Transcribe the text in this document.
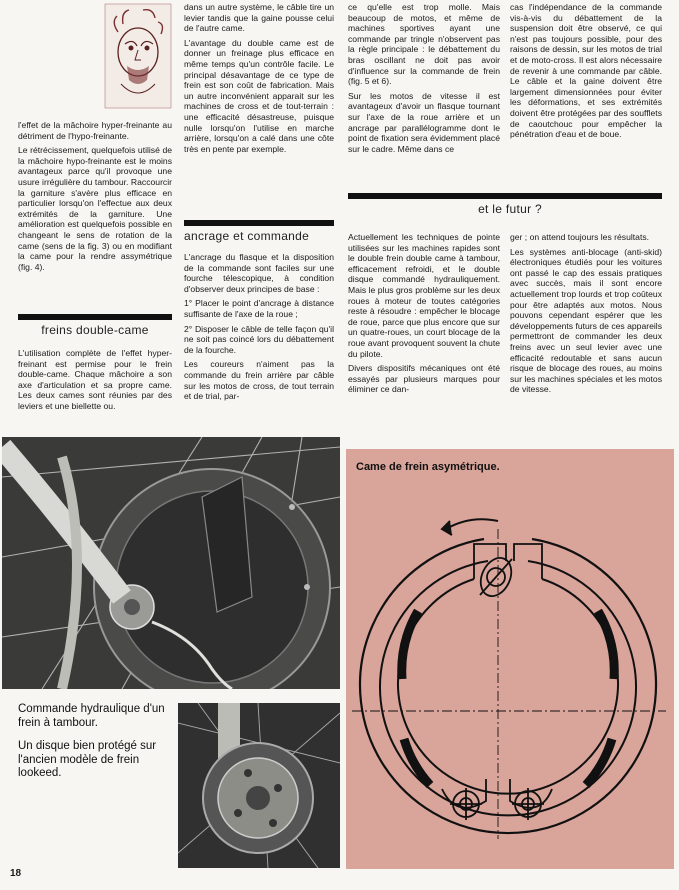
l'effet de la mâchoire hyper-freinante au détriment de l'hypo-freinante.

Le rétrécissement, quelquefois utilisé de la mâchoire hypo-freinante est le moins avantageux parce qu'il provoque une usure irrégulière du tambour. Raccourcir la garniture s'avère plus efficace en particulier lorsqu'on l'effectue aux deux extrémités de la garniture. Une amélioration est quelquefois possible en changeant le sens de rotation de la came (sens de la fig. 3) ou en modifiant la came pour la rendre assymétrique (fig. 4).

freins double-came

L'utilisation complète de l'effet hyper-freinant est permise pour le frein double-came. Chaque mâchoire a son axe d'articulation et sa propre came. Les deux cames sont réunies par des leviers et une biellette ou.

dans un autre système, le câble tire un levier tandis que la gaine pousse celui de l'autre came.

L'avantage du double came est de donner un freinage plus efficace en même temps qu'un contrôle facile. Le principal désavantage de ce type de frein est son coût de fabrication. Mais un autre inconvénient apparait sur les machines de cross et de tout-terrain : une efficacité désastreuse, puisque nulle lorsqu'on l'utilise en marche arrière, lorsqu'on a calé dans une côte très en pente par exemple.

ancrage et commande

L'ancrage du flasque et la disposition de la commande sont faciles sur une fourche télescopique, à condition d'observer deux principes de base :

1° Placer le point d'ancrage à distance suffisante de l'axe de la roue ;

2° Disposer le câble de telle façon qu'il ne soit pas coincé lors du débattement de la fourche.

Les coureurs n'aiment pas la commande du frein arrière par câble sur les motos de cross, de tout terrain et de trial, par-

ce qu'elle est trop molle. Mais beaucoup de motos, et même de machines sportives ayant une commande par tringle n'observent pas la règle principale : le débattement du bras oscillant ne doit pas avoir d'influence sur la commande de frein (fig. 5 et 6).

Sur les motos de vitesse il est avantageux d'avoir un flasque tournant sur l'axe de la roue arrière et un ancrage par parallélogramme dont le point de fixation sera évidemment placé sur le cadre. Même dans ce

cas l'indépendance de la commande vis-à-vis du débattement de la suspension doit être observé, ce qui n'est pas toujours possible, pour des raisons de dessin, sur les motos de trial et de moto-cross. Il est alors nécessaire de revenir à une commande par câble. Le câble et la gaine doivent être largement dimensionnées pour éviter les déformations, et ses extrémités doivent être protégées par des soufflets de caoutchouc pour empêcher la pénétration d'eau et de boue.

et le futur ?

Actuellement les techniques de pointe utilisées sur les machines rapides sont le double frein double came à tambour, efficacement refroidi, et le double disque commandé hydrauliquement. Mais le plus gros problème sur les deux roues à moteur de toutes catégories reste à résoudre : empêcher le blocage de roue, parce que plus encore que sur un quatre-roues, un court blocage de la roue avant provoquent souvent la chute du pilote.

Divers dispositifs mécaniques ont été essayés par plusieurs marques pour éliminer ce dan-

ger ; on attend toujours les résultats.

Les systèmes anti-blocage (anti-skid) électroniques étudiés pour les voitures ont passé le cap des essais pratiques avec succès, mais il sont encore actuellement trop lourds et trop coûteux pour être adaptés aux motos. Nous pouvons cependant espérer que les développements futurs de ces appareils permettront de commander les deux freins avec un seul levier avec une efficacité redoutable et sans aucun risque de blocage des roues, au moins sur les machines spéciales et les motos de vitesse.

Commande hydraulique d'un frein à tambour.
Un disque bien protégé sur l'ancien modèle de frein lookeed.
Came de frein asymétrique.
18
